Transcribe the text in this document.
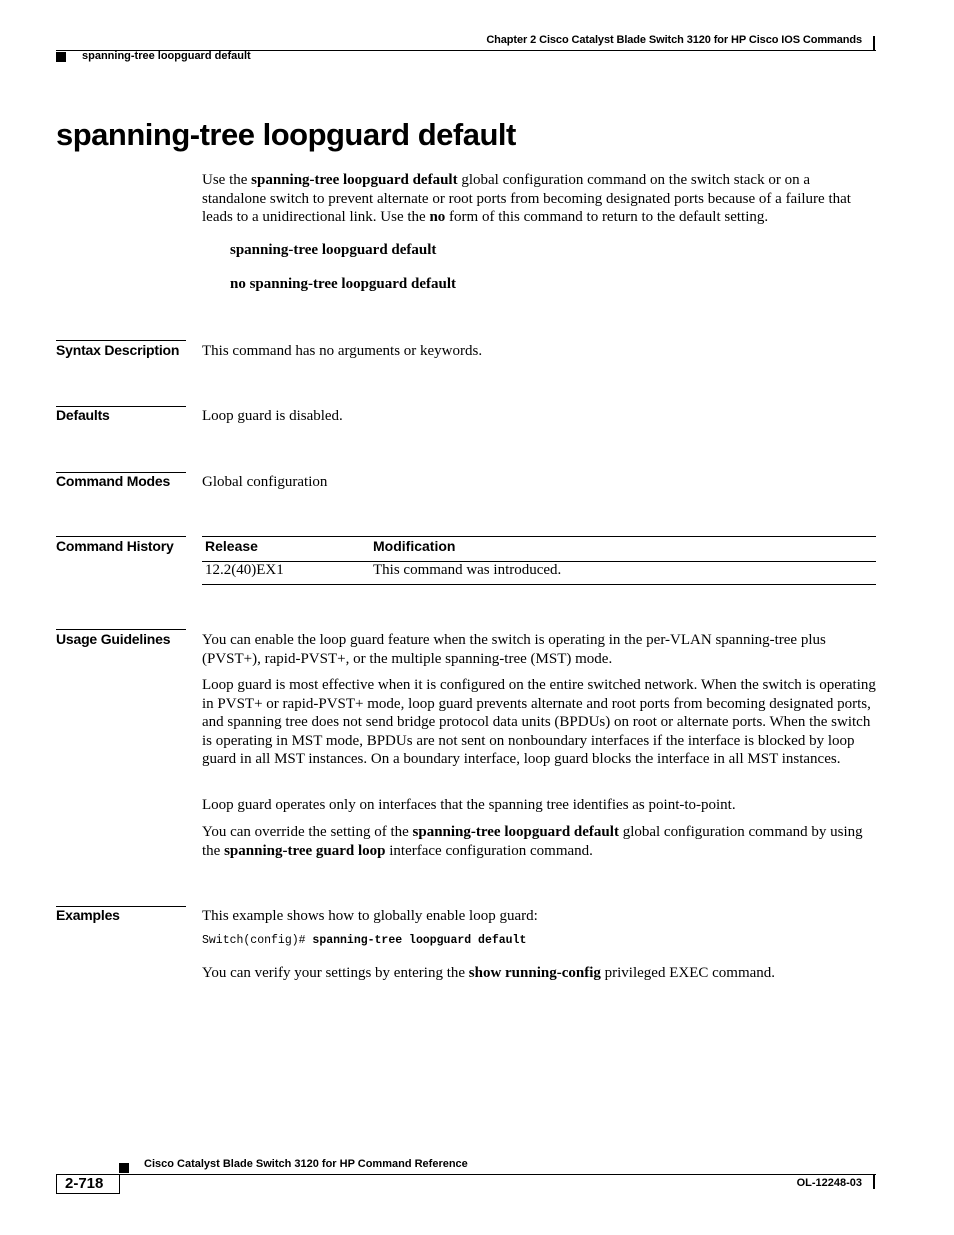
Chapter 2 Cisco Catalyst Blade Switch 3120 for HP Cisco IOS Commands
spanning-tree loopguard default
spanning-tree loopguard default
Use the spanning-tree loopguard default global configuration command on the switch stack or on a standalone switch to prevent alternate or root ports from becoming designated ports because of a failure that leads to a unidirectional link. Use the no form of this command to return to the default setting.
spanning-tree loopguard default
no spanning-tree loopguard default
Syntax Description This command has no arguments or keywords.
Defaults	Loop guard is disabled.
Command Modes Global configuration
Command History Release	Modification
12.2(40)EX1	This command was introduced.
Usage Guidelines You can enable the loop guard feature when the switch is operating in the per-VLAN spanning-tree plus (PVST+), rapid-PVST+, or the multiple spanning-tree (MST) mode.
Loop guard is most effective when it is configured on the entire switched network. When the switch is operating in PVST+ or rapid-PVST+ mode, loop guard prevents alternate and root ports from becoming designated ports, and spanning tree does not send bridge protocol data units (BPDUs) on root or alternate ports. When the switch is operating in MST mode, BPDUs are not sent on nonboundary interfaces if the interface is blocked by loop guard in all MST instances. On a boundary interface, loop guard blocks the interface in all MST instances.
Loop guard operates only on interfaces that the spanning tree identifies as point-to-point.
You can override the setting of the spanning-tree loopguard default global configuration command by using the spanning-tree guard loop interface configuration command.
Examples	This example shows how to globally enable loop guard:
Switch(config)# spanning-tree loopguard default
You can verify your settings by entering the show running-config privileged EXEC command.
Cisco Catalyst Blade Switch 3120 for HP Command Reference
2-718	OL-12248-03
